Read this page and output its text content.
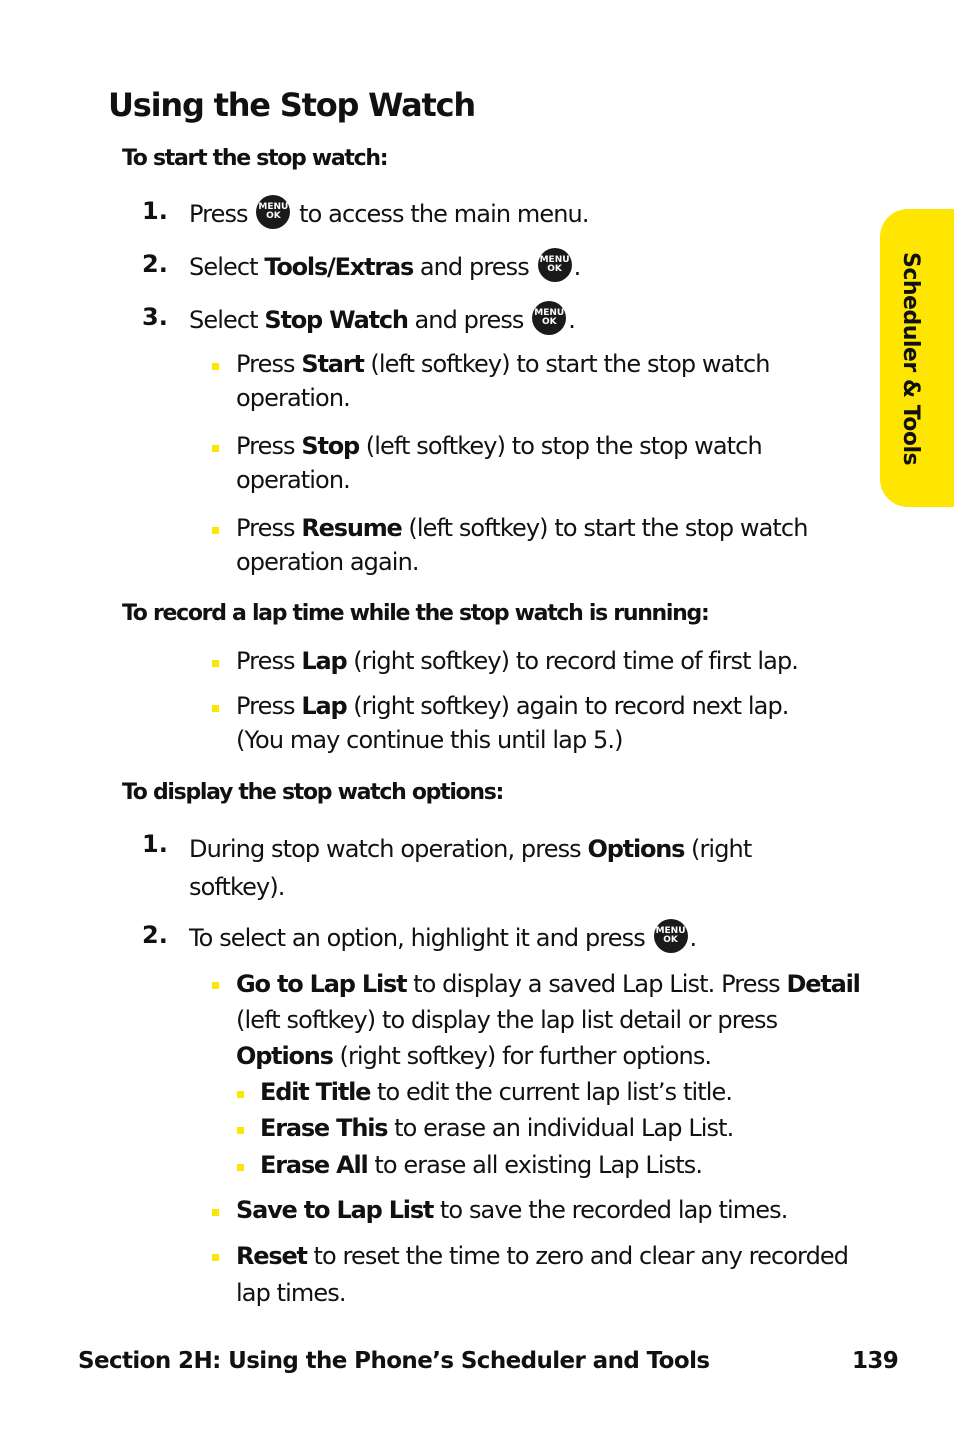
Using the Stop Watch
Scheduler & Tools
To start the stop watch:
1. Press MENU
OK to access the main menu.
2. Select Tools/Extras and press MENU
OK .
3. Select Stop Watch and press MENU
OK .
Press Start (left softkey) to start the stop watch
operation.
Press Stop (left softkey) to stop the stop watch
operation.
Press Resume (left softkey) to start the stop watch
operation again.
To record a lap time while the stop watch is running:
Press Lap (right softkey) to record time of first lap.
Press Lap (right softkey) again to record next lap.
(You may continue this until lap 5.)
To display the stop watch options:
1. During stop watch operation, press Options (right
softkey).
2. To select an option, highlight it and press MENU
OK .
Go to Lap List to display a saved Lap List. Press Detail
(left softkey) to display the lap list detail or press
Options (right softkey) for further options.
Edit Title to edit the current lap list’s title.
Erase This to erase an individual Lap List.
Erase All to erase all existing Lap Lists.
Save to Lap List to save the recorded lap times.
Reset to reset the time to zero and clear any recorded
lap times.
Section 2H: Using the Phone’s Scheduler and Tools	139
